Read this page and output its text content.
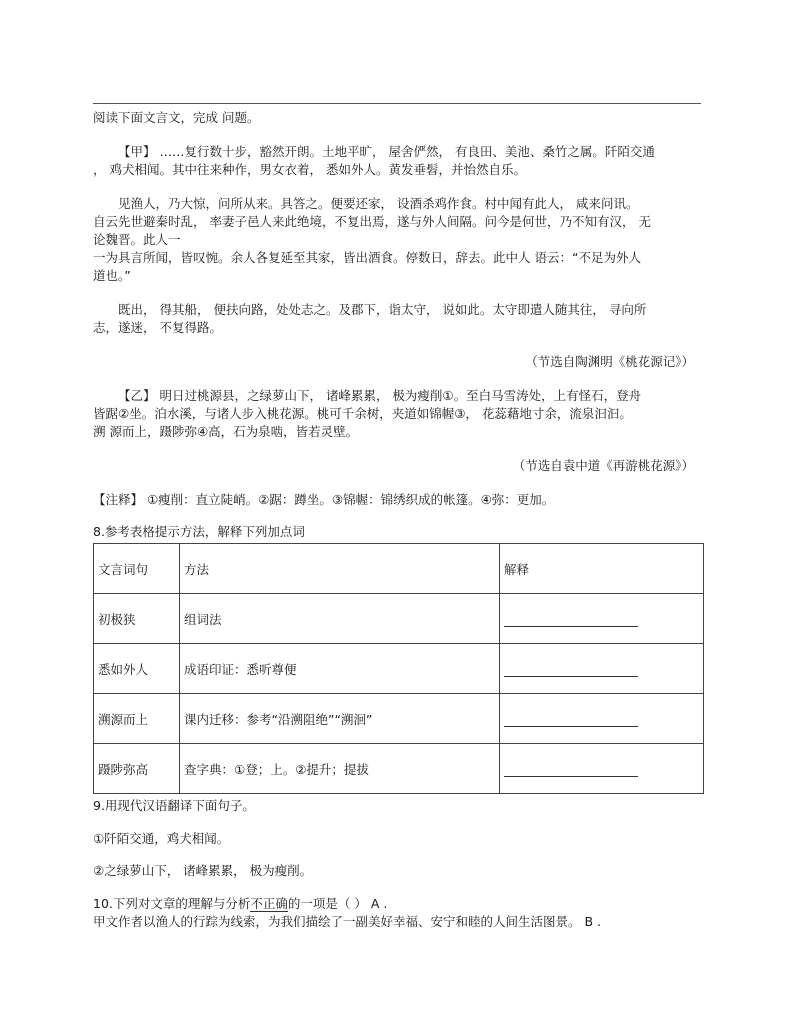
阅读下面文言文，完成 问题。
【甲】 ……复行数十步，豁然开朗。土地平旷， 屋舍俨然， 有良田、美池、桑竹之属。阡陌交通
， 鸡犬相闻。其中往来种作，男女衣着， 悉如外人。黄发垂髫，并怡然自乐。
见渔人，乃大惊，问所从来。具答之。便要还家， 设酒杀鸡作食。村中闻有此人， 咸来问讯。
自云先世避秦时乱， 率妻子邑人来此绝境，不复出焉，遂与外人间隔。问今是何世，乃不知有汉， 无
论魏晋。此人一
一为具言所闻，皆叹惋。余人各复延至其家，皆出酒食。停数日，辞去。此中人 语云：“不足为外人
道也。”
既出， 得其船， 便扶向路，处处志之。及郡下，诣太守， 说如此。太守即遣人随其往， 寻向所
志，遂迷， 不复得路。
（节选自陶渊明《桃花源记》）
【乙】 明日过桃源县，之绿萝山下， 诸峰累累， 极为瘦削①。至白马雪涛处，上有怪石，登舟
皆踞②坐。泊水溪，与诸人步入桃花源。桃可千余树，夹道如锦幄③， 花蕊藉地寸余，流泉汩汩。
溯 源而上，蹑陟弥④高，石为泉啮，皆若灵壁。
（节选自袁中道《再游桃花源》）
【注释】 ①瘦削：直立陡峭。②踞：蹲坐。③锦幄：锦绣织成的帐篷。④弥：更加。
8.参考表格提示方法，解释下列加点词
文言词句	方法	解释
初极狭	组词法	
悉如外人	成语印证：悉听尊便	
溯源而上	课内迁移：参考“沿溯阻绝”“溯洄”	
蹑陟弥高	查字典：①登；上。②提升；提拔	
9.用现代汉语翻译下面句子。
①阡陌交通，鸡犬相闻。
②之绿萝山下， 诸峰累累， 极为瘦削。
10.下列对文章的理解与分析不正确的一项是（ ） A .
甲文作者以渔人的行踪为线索，为我们描绘了一副美好幸福、安宁和睦的人间生活图景。 B .
